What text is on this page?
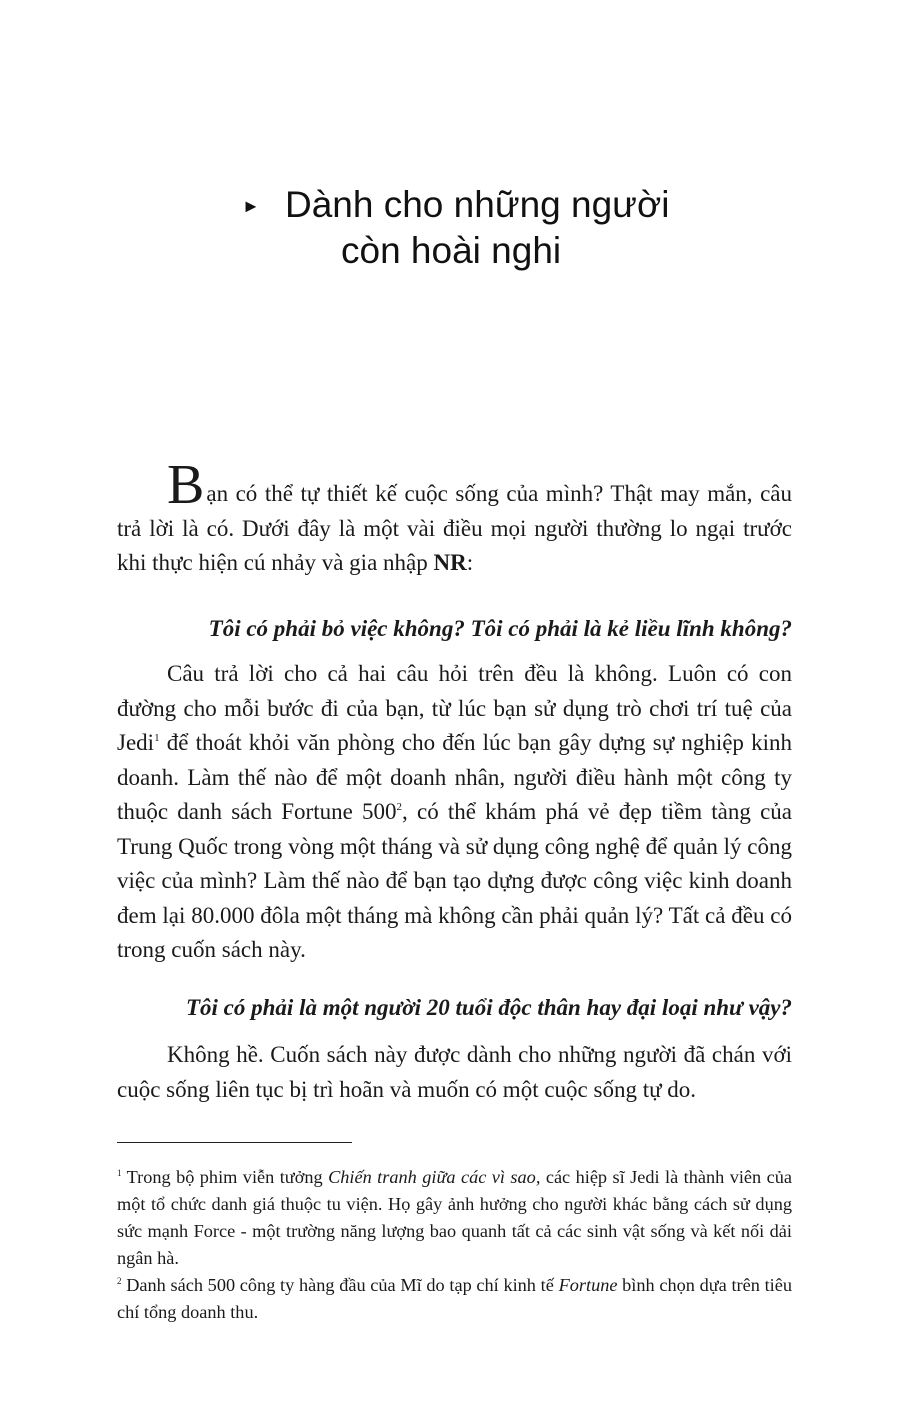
► Dành cho những người
còn hoài nghi

Bạn có thể tự thiết kế cuộc sống của mình? Thật may mắn, câu trả lời là có. Dưới đây là một vài điều mọi người thường lo ngại trước khi thực hiện cú nhảy và gia nhập NR:

Tôi có phải bỏ việc không? Tôi có phải là kẻ liều lĩnh không?

Câu trả lời cho cả hai câu hỏi trên đều là không. Luôn có con đường cho mỗi bước đi của bạn, từ lúc bạn sử dụng trò chơi trí tuệ của Jedi$^1$ để thoát khỏi văn phòng cho đến lúc bạn gây dựng sự nghiệp kinh doanh. Làm thế nào để một doanh nhân, người điều hành một công ty thuộc danh sách Fortune $500^2$, có thể khám phá vẻ đẹp tiềm tàng của Trung Quốc trong vòng một tháng và sử dụng công nghệ để quản lý công việc của mình? Làm thế nào để bạn tạo dựng được công việc kinh doanh đem lại 80.000 đôla một tháng mà không cần phải quản lý? Tất cả đều có trong cuốn sách này.

Tôi có phải là một người 20 tuổi độc thân hay đại loại như vậy?

Không hề. Cuốn sách này được dành cho những người đã chán với cuộc sống liên tục bị trì hoãn và muốn có một cuộc sống tự do.

$^1$ Trong bộ phim viễn tưởng Chiến tranh giữa các vì sao, các hiệp sĩ Jedi là thành viên của một tổ chức danh giá thuộc tu viện. Họ gây ảnh hưởng cho người khác bằng cách sử dụng sức mạnh Force - một trường năng lượng bao quanh tất cả các sinh vật sống và kết nối dải ngân hà.

$^2$ Danh sách 500 công ty hàng đầu của Mĩ do tạp chí kinh tế Fortune bình chọn dựa trên tiêu chí tổng doanh thu.
